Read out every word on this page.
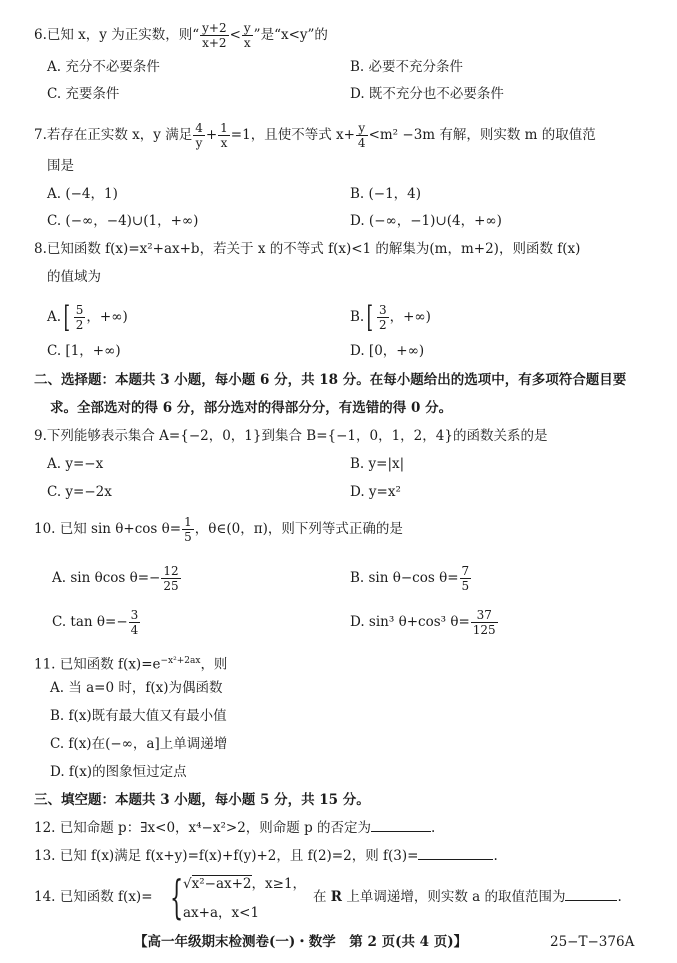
6.已知 x，y 为正实数，则“ $\frac{y+2}{x+2} < \frac{y}{x}$ ”是“x<y”的
A. 充分不必要条件	B. 必要不充分条件
C. 充要条件	D. 既不充分也不必要条件
7.若存在正实数 x，y 满足 $\frac{4}{y} + \frac{1}{x} =1$，且使不等式 $x+ \frac{y}{4} <m^2 -3m$ 有解，则实数 m 的取值范
围是
A. (−4，1)	B. (−1，4)
C. (−∞，−4)∪(1，+∞)	D. (−∞，−1)∪(4，+∞)
8.已知函数 f(x)=x²+ax+b，若关于 x 的不等式 f(x)<1 的解集为(m，m+2)，则函数 f(x)
的值域为
$A.[ \frac{5}{2}$ ，+∞)	$B.[ \frac{3}{2}$ ，+∞)
C. [1，+∞)	D. [0，+∞)
二、选择题：本题共 3 小题，每小题 6 分，共 18 分。在每小题给出的选项中，有多项符合题目要
求。全部选对的得 6 分，部分选对的得部分分，有选错的得 0 分。
9.下列能够表示集合 A={−2，0，1}到集合 B={−1，0，1，2，4}的函数关系的是
A. y=−x	B. y=|x|
C. y=−2x	D. y=x²
10. 已知 sin θ+cos $\theta= \frac{1}{5}$ ，θ∈(0，π)，则下列等式正确的是
A. sin θcos $\theta=- \frac{12}{25}$	B. sin θ−cos $\theta= \frac{7}{5}$
C. $\tan \theta=- \frac{3}{4}$	D. sin³ θ+cos³ $\theta= \frac{37}{125}$
11. 已知函数 $f(x)=e^{-x^2+2ax}$，则
A. 当 a=0 时，f(x)为偶函数
B. f(x)既有最大值又有最小值
C. f(x)在(−∞，a]上单调递增
D. f(x)的图象恒过定点
三、填空题：本题共 3 小题，每小题 5 分，共 15 分。
12. 已知命题 p：∃x<0，x⁴−x²>2，则命题 p 的否定为	.
13. 已知 f(x)满足 f(x+y)=f(x)+f(y)+2，且 f(2)=2，则 f(3)=	.
14. 已知函数 f(x)= { √x²−ax+2，x≥1，
ax+a，x<1
在 R 上单调递增，则实数 a 的取值范围为	.
【高一年级期末检测卷(一)・数学　第 2 页(共 4 页)】	25−T−376A
